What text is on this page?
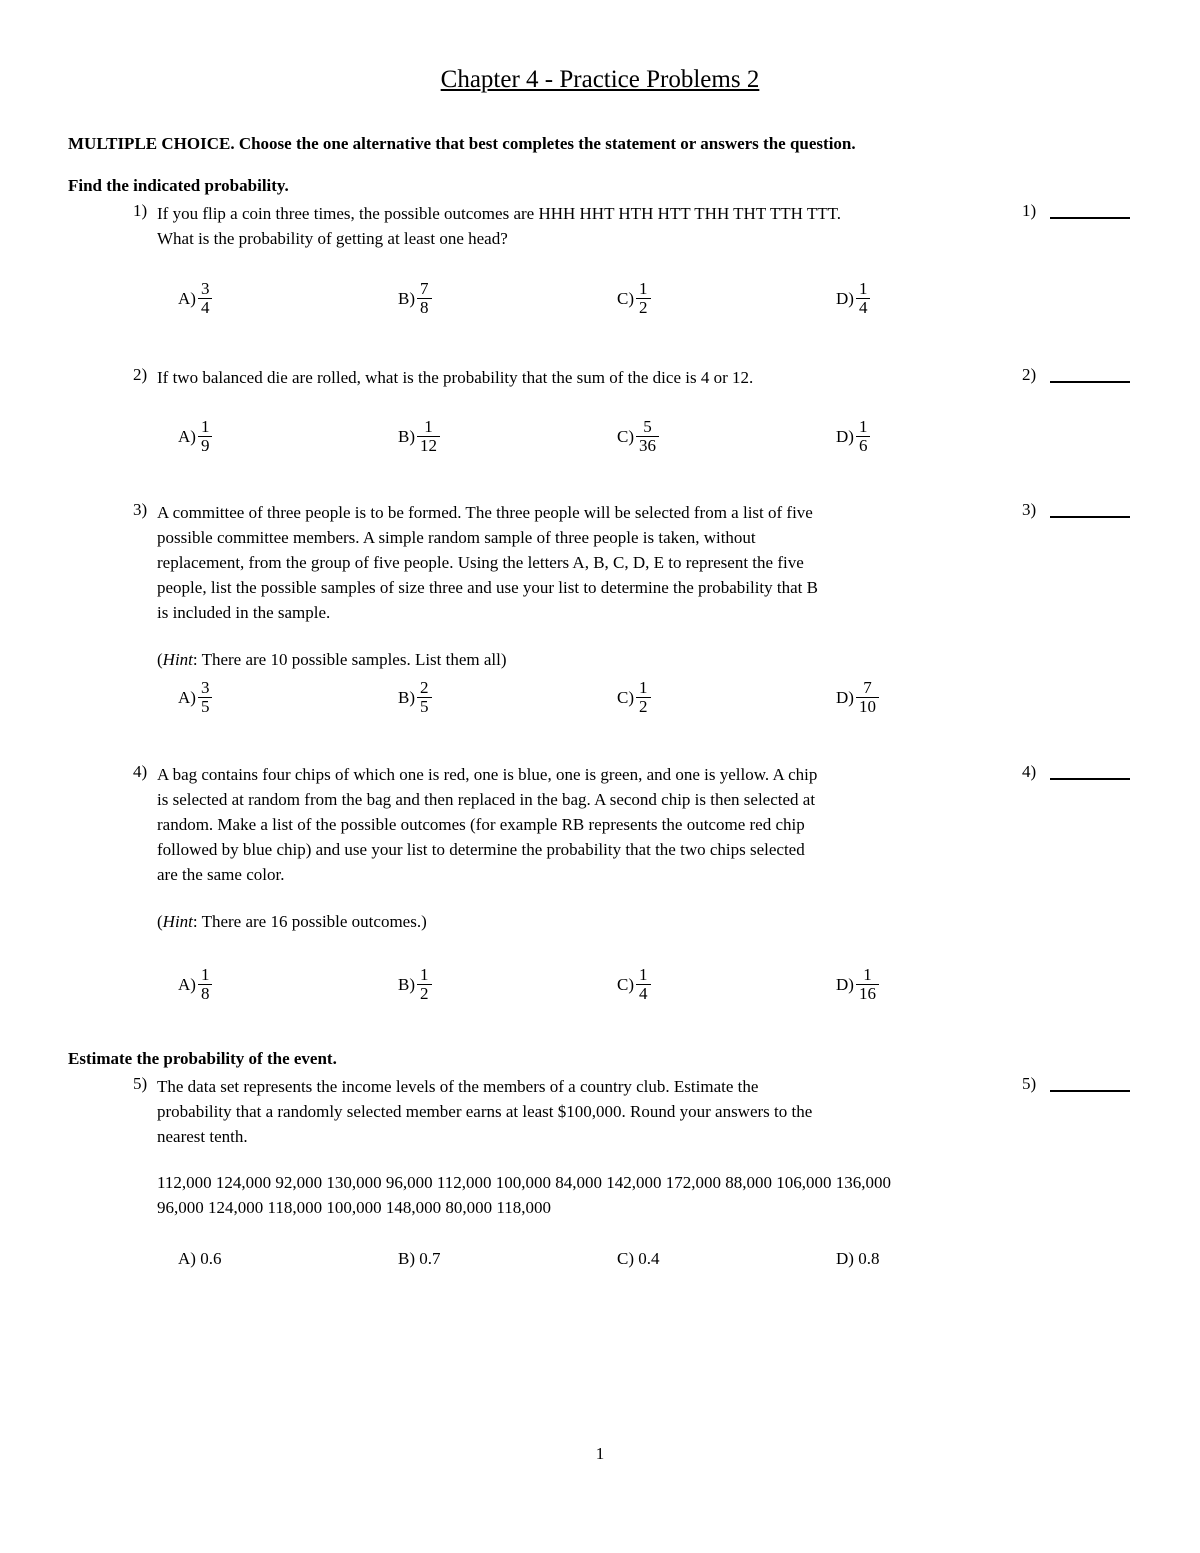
Chapter 4 - Practice Problems 2
MULTIPLE CHOICE. Choose the one alternative that best completes the statement or answers the question.
Find the indicated probability.
1) If you flip a coin three times, the possible outcomes are HHH HHT HTH HTT THH THT TTH TTT.

What is the probability of getting at least one head?

1)
$A) \frac{3}{4}$	$B) \frac{7}{8}$	$C) \frac{1}{2}$	$D) \frac{1}{4}$
2) If two balanced die are rolled, what is the probability that the sum of the dice is 4 or 12.	2)
$A) \frac{1}{9}$	$B) \frac{1}{12}$	$C) \frac{5}{36}$	$D) \frac{1}{6}$
3) A committee of three people is to be formed. The three people will be selected from a list of five

possible committee members. A simple random sample of three people is taken, without

replacement, from the group of five people. Using the letters A, B, C, D, E to represent the five

people, list the possible samples of size three and use your list to determine the probability that B

is included in the sample.

3)
(Hint: There are 10 possible samples. List them all)
$A) \frac{3}{5}$	$B) \frac{2}{5}$	$C) \frac{1}{2}$	$D) \frac{7}{10}$
4) A bag contains four chips of which one is red, one is blue, one is green, and one is yellow. A chip

is selected at random from the bag and then replaced in the bag. A second chip is then selected at

random. Make a list of the possible outcomes (for example RB represents the outcome red chip

followed by blue chip) and use your list to determine the probability that the two chips selected

are the same color.

4)
(Hint: There are 16 possible outcomes.)
$A) \frac{1}{8}$	$B) \frac{1}{2}$	$C) \frac{1}{4}$	$D) \frac{1}{16}$
Estimate the probability of the event.
5) The data set represents the income levels of the members of a country club. Estimate the

probability that a randomly selected member earns at least $100,000. Round your answers to the

nearest tenth.

5)
112,000 124,000 92,000 130,000 96,000 112,000 100,000 84,000 142,000 172,000 88,000 106,000 136,000
96,000 124,000 118,000 100,000 148,000 80,000 118,000
A)
0.6	B)
0.7	C)
0.4	D)
0.8
1
